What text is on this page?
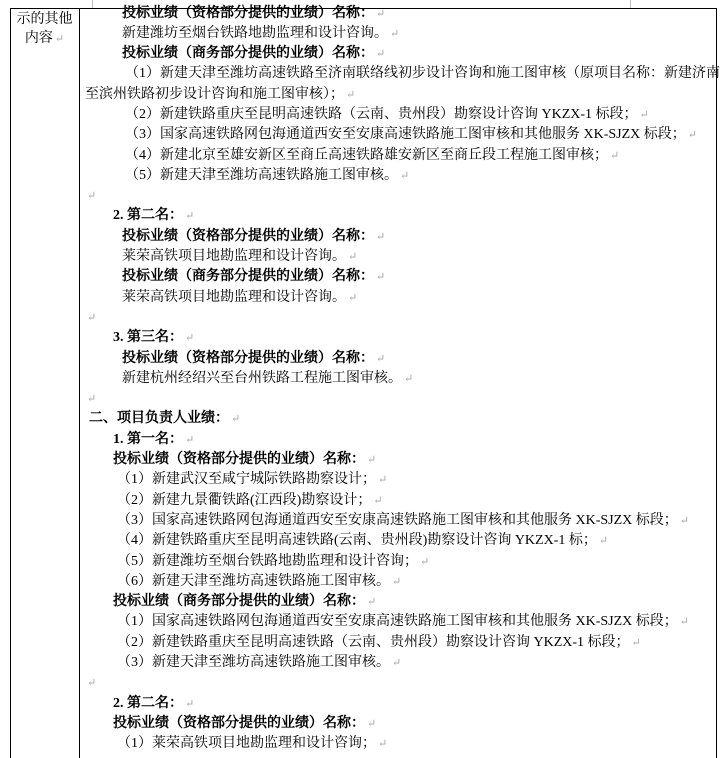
示的其他
内容 ↵
投标业绩（资格部分提供的业绩）名称： ↵
新建潍坊至烟台铁路地勘监理和设计咨询。 ↵
投标业绩（商务部分提供的业绩）名称： ↵
（1）新建天津至潍坊高速铁路至济南联络线初步设计咨询和施工图审核（原项目名称：新建济南
至滨州铁路初步设计咨询和施工图审核）； ↵
（2）新建铁路重庆至昆明高速铁路（云南、贵州段）勘察设计咨询 YKZX-1 标段； ↵
（3）国家高速铁路网包海通道西安至安康高速铁路施工图审核和其他服务 XK-SJZX 标段； ↵
（4）新建北京至雄安新区至商丘高速铁路雄安新区至商丘段工程施工图审核； ↵
（5）新建天津至潍坊高速铁路施工图审核。 ↵
↵
2. 第二名： ↵
投标业绩（资格部分提供的业绩）名称： ↵
莱荣高铁项目地勘监理和设计咨询。 ↵
投标业绩（商务部分提供的业绩）名称： ↵
莱荣高铁项目地勘监理和设计咨询。 ↵
↵
3. 第三名： ↵
投标业绩（资格部分提供的业绩）名称： ↵
新建杭州经绍兴至台州铁路工程施工图审核。 ↵
↵
二、项目负责人业绩： ↵
1. 第一名： ↵
投标业绩（资格部分提供的业绩）名称： ↵
（1）新建武汉至咸宁城际铁路勘察设计； ↵
（2）新建九景衢铁路(江西段)勘察设计； ↵
（3）国家高速铁路网包海通道西安至安康高速铁路施工图审核和其他服务 XK-SJZX 标段； ↵
（4）新建铁路重庆至昆明高速铁路(云南、贵州段)勘察设计咨询 YKZX-1 标； ↵
（5）新建潍坊至烟台铁路地勘监理和设计咨询； ↵
（6）新建天津至潍坊高速铁路施工图审核。 ↵
投标业绩（商务部分提供的业绩）名称： ↵
（1）国家高速铁路网包海通道西安至安康高速铁路施工图审核和其他服务 XK-SJZX 标段； ↵
（2）新建铁路重庆至昆明高速铁路（云南、贵州段）勘察设计咨询 YKZX-1 标段； ↵
（3）新建天津至潍坊高速铁路施工图审核。 ↵
↵
2. 第二名： ↵
投标业绩（资格部分提供的业绩）名称： ↵
（1）莱荣高铁项目地勘监理和设计咨询； ↵
